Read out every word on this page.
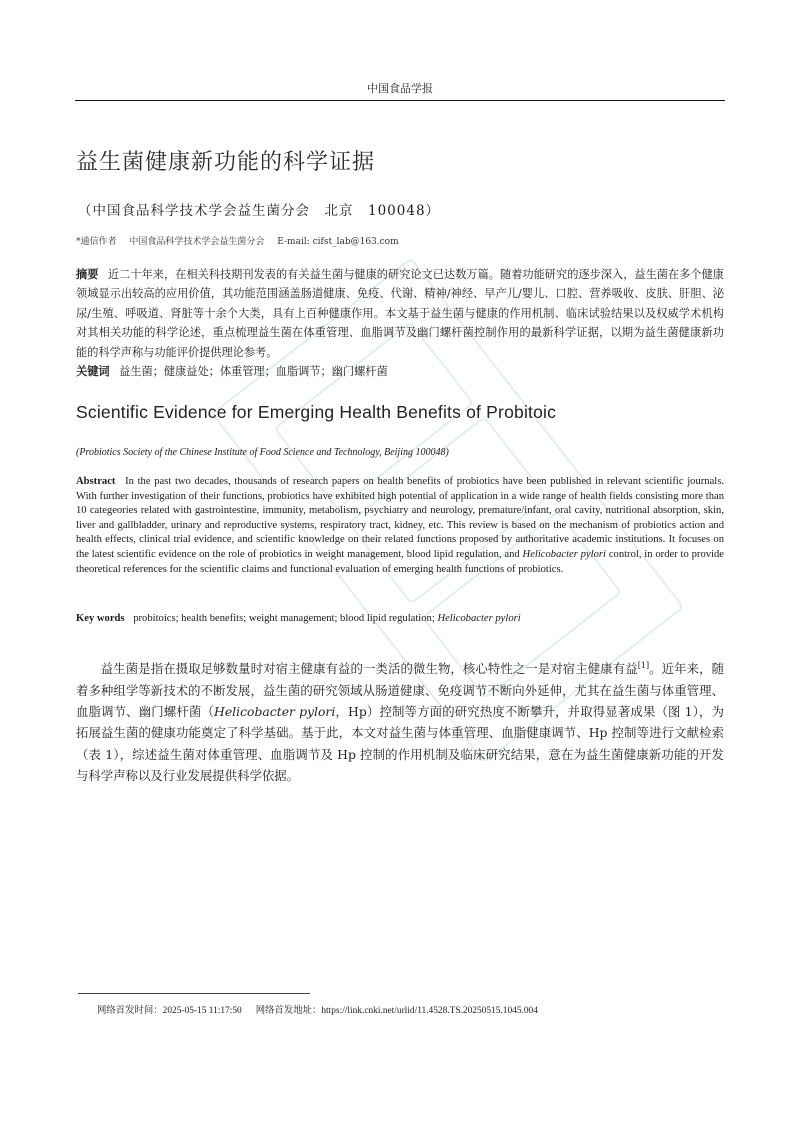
中国食品学报
益生菌健康新功能的科学证据
（中国食品科学技术学会益生菌分会　北京　100048）
*通信作者 中国食品科学技术学会益生菌分会 E-mail: cifst_lab@163.com
摘要 近二十年来，在相关科技期刊发表的有关益生菌与健康的研究论文已达数万篇。随着功能研究的逐步深入，益生菌在多个健康领域显示出较高的应用价值，其功能范围涵盖肠道健康、免疫、代谢、精神/神经、早产儿/婴儿、口腔、营养吸收、皮肤、肝胆、泌尿/生殖、呼吸道、肾脏等十余个大类，具有上百种健康作用。本文基于益生菌与健康的作用机制、临床试验结果以及权威学术机构对其相关功能的科学论述，重点梳理益生菌在体重管理、血脂调节及幽门螺杆菌控制作用的最新科学证据，以期为益生菌健康新功能的科学声称与功能评价提供理论参考。
关键词 益生菌；健康益处；体重管理；血脂调节；幽门螺杆菌
Scientific Evidence for Emerging Health Benefits of Probitoic
(Probiotics Society of the Chinese Institute of Food Science and Technology, Beijing 100048)
Abstract In the past two decades, thousands of research papers on health benefits of probiotics have been published in relevant scientific journals. With further investigation of their functions, probiotics have exhibited high potential of application in a wide range of health fields consisting more than 10 categeories related with gastrointestine, immunity, metabolism, psychiatry and neurology, premature/infant, oral cavity, nutritional absorption, skin, liver and gallbladder, urinary and reproductive systems, respiratory tract, kidney, etc. This review is based on the mechanism of probiotics action and health effects, clinical trial evidence, and scientific knowledge on their related functions proposed by authoritative academic institutions. It focuses on the latest scientific evidence on the role of probiotics in weight management, blood lipid regulation, and Helicobacter pylori control, in order to provide theoretical references for the scientific claims and functional evaluation of emerging health functions of probiotics.
Key words probitoics; health benefits; weight management; blood lipid regulation; Helicobacter pylori
益生菌是指在摄取足够数量时对宿主健康有益的一类活的微生物，核心特性之一是对宿主健康有益[1]。近年来，随着多种组学等新技术的不断发展，益生菌的研究领域从肠道健康、免疫调节不断向外延伸，尤其在益生菌与体重管理、血脂调节、幽门螺杆菌（Helicobacter pylori，Hp）控制等方面的研究热度不断攀升，并取得显著成果（图 1），为拓展益生菌的健康功能奠定了科学基础。基于此，本文对益生菌与体重管理、血脂健康调节、Hp 控制等进行文献检索（表 1），综述益生菌对体重管理、血脂调节及 Hp 控制的作用机制及临床研究结果，意在为益生菌健康新功能的开发与科学声称以及行业发展提供科学依据。
网络首发时间：2025-05-15 11:17:50 网络首发地址：https://link.cnki.net/urlid/11.4528.TS.20250515.1045.004
